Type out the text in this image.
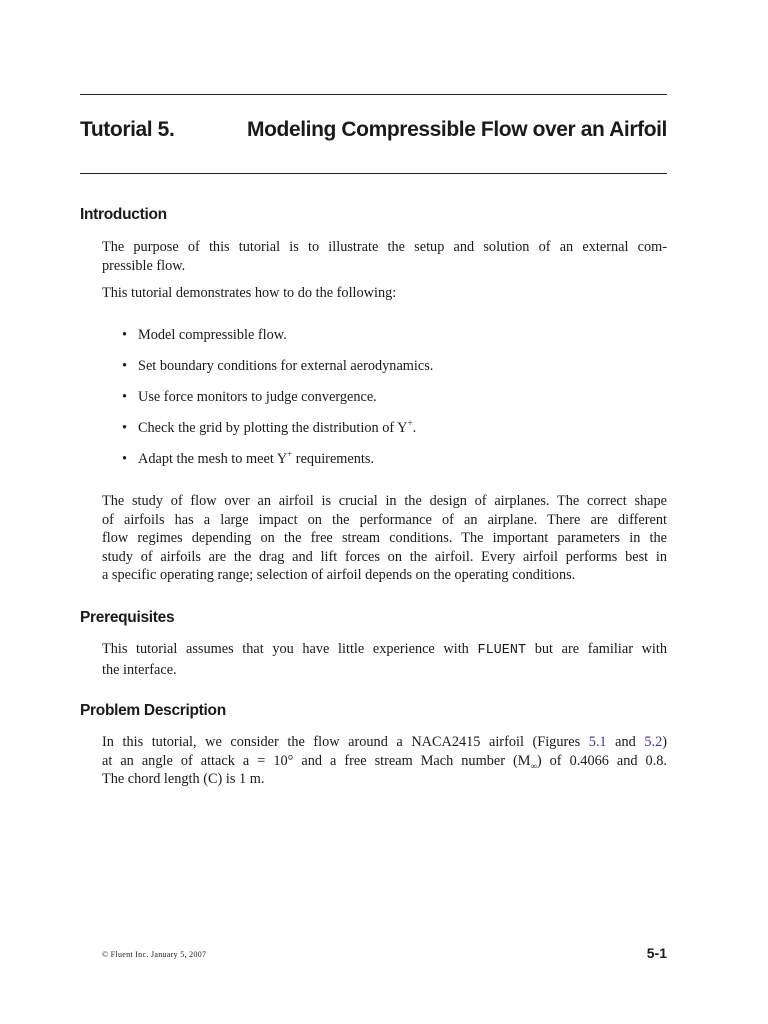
Tutorial 5.	Modeling Compressible Flow over an Airfoil
Introduction
The purpose of this tutorial is to illustrate the setup and solution of an external com-
pressible flow.
This tutorial demonstrates how to do the following:
• Model compressible flow.
• Set boundary conditions for external aerodynamics.
• Use force monitors to judge convergence.
• Check the grid by plotting the distribution of Y+.
• Adapt the mesh to meet Y+ requirements.
The study of flow over an airfoil is crucial in the design of airplanes. The correct shape
of airfoils has a large impact on the performance of an airplane. There are different
flow regimes depending on the free stream conditions. The important parameters in the
study of airfoils are the drag and lift forces on the airfoil. Every airfoil performs best in
a specific operating range; selection of airfoil depends on the operating conditions.
Prerequisites
This tutorial assumes that you have little experience with FLUENT but are familiar with
the interface.
Problem Description
In this tutorial, we consider the flow around a NACA2415 airfoil (Figures 5.1 and 5.2)
at an angle of attack a = 10° and a free stream Mach number $(M_\infty)$ of 0.4066 and 0.8.
The chord length (C) is 1 m.
© Fluent Inc. January 5, 2007	5-1
